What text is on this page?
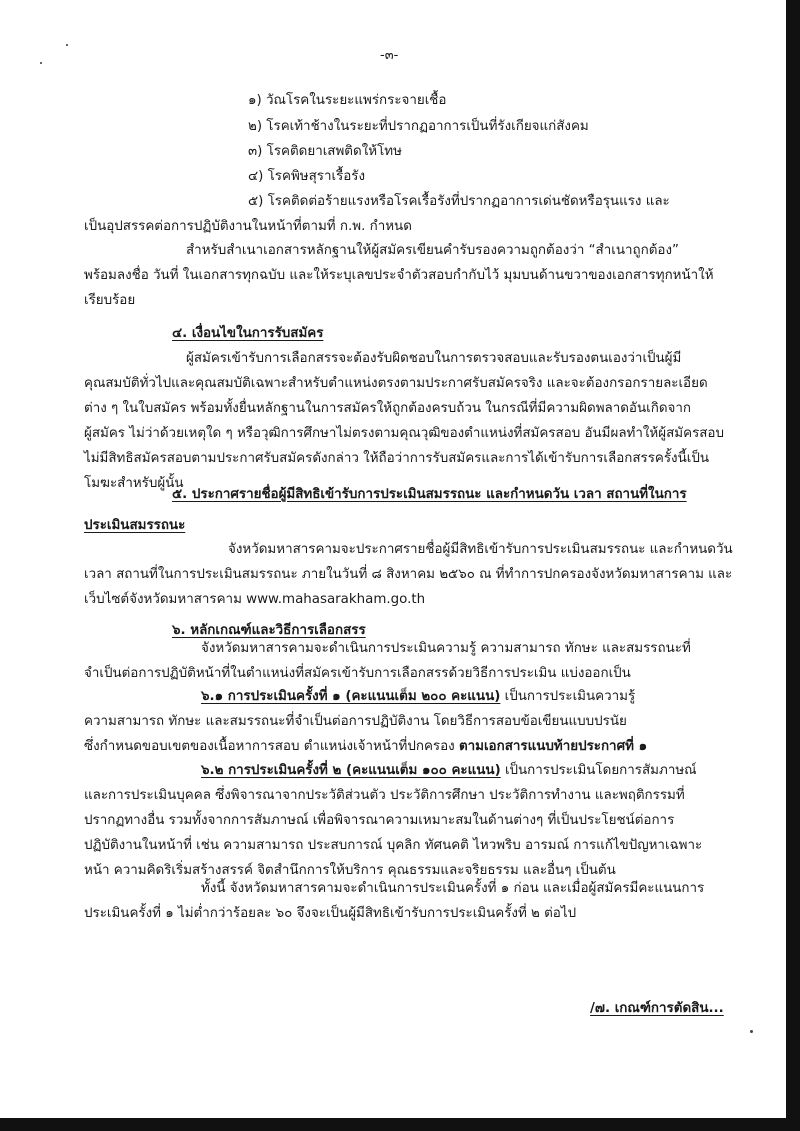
-๓-
๑) วัณโรคในระยะแพร่กระจายเชื้อ
๒) โรคเท้าช้างในระยะที่ปรากฏอาการเป็นที่รังเกียจแก่สังคม
๓) โรคติดยาเสพติดให้โทษ
๔) โรคพิษสุราเรื้อรัง
๕) โรคติดต่อร้ายแรงหรือโรคเรื้อรังที่ปรากฏอาการเด่นชัดหรือรุนแรง และ
เป็นอุปสรรคต่อการปฏิบัติงานในหน้าที่ตามที่ ก.พ. กำหนด
สำหรับสำเนาเอกสารหลักฐานให้ผู้สมัครเขียนคำรับรองความถูกต้องว่า “สำเนาถูกต้อง”
พร้อมลงชื่อ วันที่ ในเอกสารทุกฉบับ และให้ระบุเลขประจำตัวสอบกำกับไว้ มุมบนด้านขวาของเอกสารทุกหน้าให้
เรียบร้อย
๔. เงื่อนไขในการรับสมัคร
ผู้สมัครเข้ารับการเลือกสรรจะต้องรับผิดชอบในการตรวจสอบและรับรองตนเองว่าเป็นผู้มี
คุณสมบัติทั่วไปและคุณสมบัติเฉพาะสำหรับตำแหน่งตรงตามประกาศรับสมัครจริง และจะต้องกรอกรายละเอียด
ต่าง ๆ ในใบสมัคร พร้อมทั้งยื่นหลักฐานในการสมัครให้ถูกต้องครบถ้วน ในกรณีที่มีความผิดพลาดอันเกิดจาก
ผู้สมัคร ไม่ว่าด้วยเหตุใด ๆ หรือวุฒิการศึกษาไม่ตรงตามคุณวุฒิของตำแหน่งที่สมัครสอบ อันมีผลทำให้ผู้สมัครสอบ
ไม่มีสิทธิสมัครสอบตามประกาศรับสมัครดังกล่าว ให้ถือว่าการรับสมัครและการได้เข้ารับการเลือกสรรครั้งนี้เป็น
โมฆะสำหรับผู้นั้น
๕. ประกาศรายชื่อผู้มีสิทธิเข้ารับการประเมินสมรรถนะ และกำหนดวัน เวลา สถานที่ในการ
ประเมินสมรรถนะ
จังหวัดมหาสารคามจะประกาศรายชื่อผู้มีสิทธิเข้ารับการประเมินสมรรถนะ และกำหนดวัน
เวลา สถานที่ในการประเมินสมรรถนะ ภายในวันที่ ๘ สิงหาคม ๒๕๖๐ ณ ที่ทำการปกครองจังหวัดมหาสารคาม และ
เว็บไซต์จังหวัดมหาสารคาม www.mahasarakham.go.th
๖. หลักเกณฑ์และวิธีการเลือกสรร
จังหวัดมหาสารคามจะดำเนินการประเมินความรู้ ความสามารถ ทักษะ และสมรรถนะที่
จำเป็นต่อการปฏิบัติหน้าที่ในตำแหน่งที่สมัครเข้ารับการเลือกสรรด้วยวิธีการประเมิน แบ่งออกเป็น
๖.๑ การประเมินครั้งที่ ๑ (คะแนนเต็ม ๒๐๐ คะแนน) เป็นการประเมินความรู้
ความสามารถ ทักษะ และสมรรถนะที่จำเป็นต่อการปฏิบัติงาน โดยวิธีการสอบข้อเขียนแบบปรนัย
ซึ่งกำหนดขอบเขตของเนื้อหาการสอบ ตำแหน่งเจ้าหน้าที่ปกครอง ตามเอกสารแนบท้ายประกาศที่ ๑
๖.๒ การประเมินครั้งที่ ๒ (คะแนนเต็ม ๑๐๐ คะแนน) เป็นการประเมินโดยการสัมภาษณ์
และการประเมินบุคคล ซึ่งพิจารณาจากประวัติส่วนตัว ประวัติการศึกษา ประวัติการทำงาน และพฤติกรรมที่
ปรากฏทางอื่น รวมทั้งจากการสัมภาษณ์ เพื่อพิจารณาความเหมาะสมในด้านต่างๆ ที่เป็นประโยชน์ต่อการ
ปฏิบัติงานในหน้าที่ เช่น ความสามารถ ประสบการณ์ บุคลิก ทัศนคติ ไหวพริบ อารมณ์ การแก้ไขปัญหาเฉพาะ
หน้า ความคิดริเริ่มสร้างสรรค์ จิตสำนึกการให้บริการ คุณธรรมและจริยธรรม และอื่นๆ เป็นต้น
ทั้งนี้ จังหวัดมหาสารคามจะดำเนินการประเมินครั้งที่ ๑ ก่อน และเมื่อผู้สมัครมีคะแนนการ
ประเมินครั้งที่ ๑ ไม่ต่ำกว่าร้อยละ ๖๐ จึงจะเป็นผู้มีสิทธิเข้ารับการประเมินครั้งที่ ๒ ต่อไป
/๗. เกณฑ์การตัดสิน...
